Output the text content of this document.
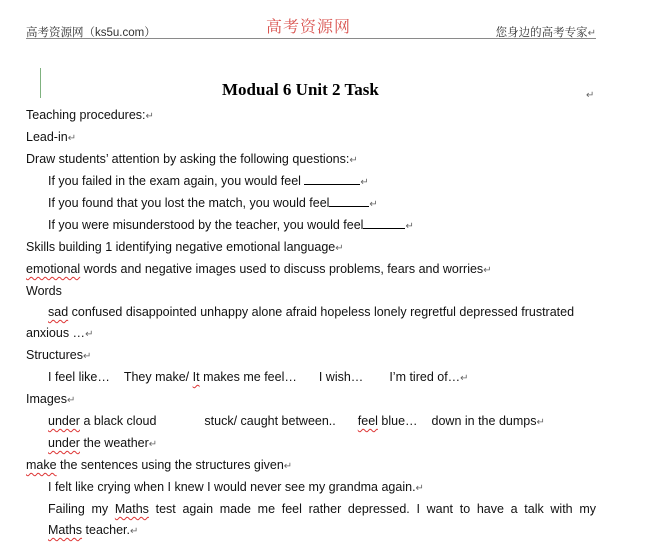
高考资源网（ks5u.com）	高考资源网	您身边的高考专家↵
Modual 6 Unit 2 Task	↵
Teaching procedures:↵
Lead-in↵
Draw students’ attention by asking the following questions:↵
If you failed in the exam again, you would feel	↵
If you found that you lost the match, you would feel	↵
If you were misunderstood by the teacher, you would feel	↵
Skills building 1 identifying negative emotional language↵
emotional words and negative images used to discuss problems, fears and worries↵
Words
sad confused disappointed unhappy alone afraid hopeless lonely regretful depressed frustrated
anxious …↵
Structures↵
I feel like… They make/ It makes me feel… I wish… I’m tired of…↵
Images↵
under a black cloud	stuck/ caught between.. feel blue… down in the dumps↵
under the weather↵
make the sentences using the structures given↵
I felt like crying when I knew I would never see my grandma again.↵
Failing my Maths test again made me feel rather depressed. I want to have a talk with my
Maths teacher.↵
